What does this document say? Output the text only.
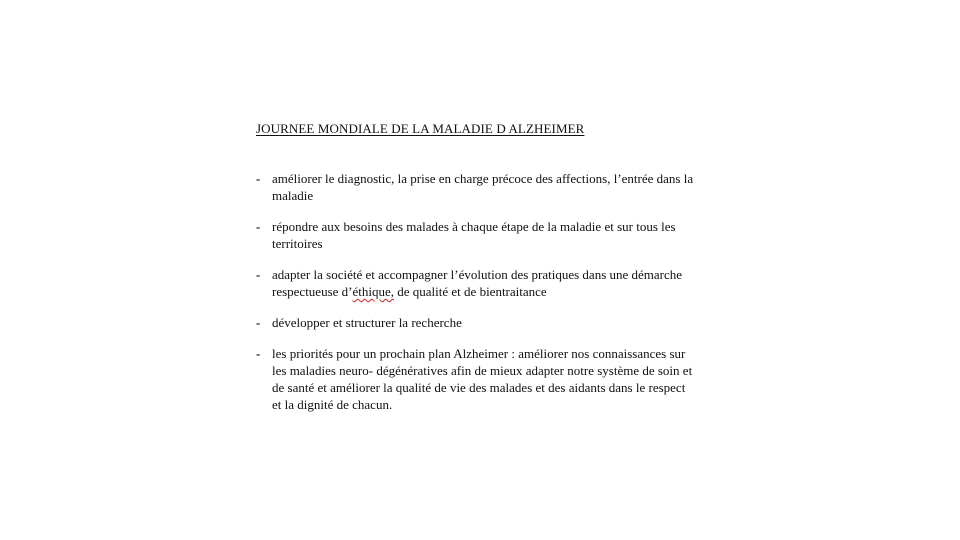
JOURNEE MONDIALE DE LA MALADIE D ALZHEIMER
- améliorer le diagnostic, la prise en charge précoce des affections, l’entrée dans la maladie
- répondre aux besoins des malades à chaque étape de la maladie et sur tous les territoires
- adapter la société et accompagner l’évolution des pratiques dans une démarche respectueuse d’éthique, de qualité et de bientraitance
- développer et structurer la recherche
- les priorités pour un prochain plan Alzheimer : améliorer nos connaissances sur les maladies neuro- dégénératives afin de mieux adapter notre système de soin et de santé et améliorer la qualité de vie des malades et des aidants dans le respect et la dignité de chacun.
